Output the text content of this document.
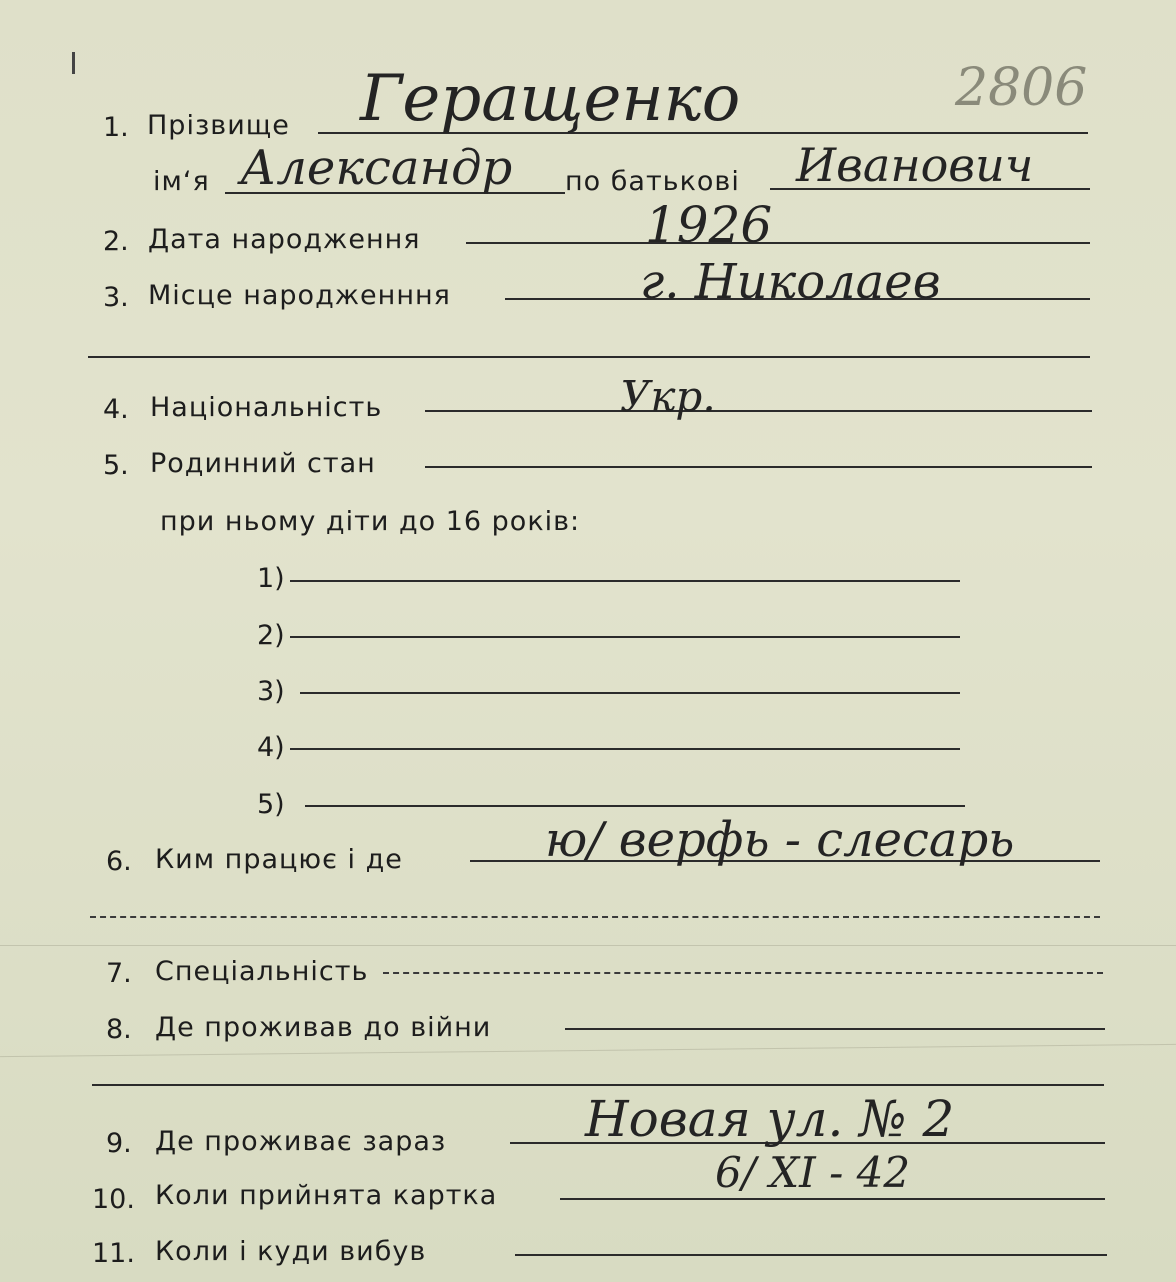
2806
1. Прізвище Геращенко
ім‘я Александр по батькові Иванович
2. Дата народження	1926
3. Місце народженння	г. Николаев
4. Національність	Укр.
5. Родинний стан
при ньому діти до 16 років:
1)
2)
3)
4)
5)
6. Ким працює і де	ю/ верфь - слесарь
7. Спеціальність
8. Де проживав до війни
9. Де проживає зараз	Новая ул. № 2
10. Коли прийнята картка	6/ XI - 42
11. Коли і куди вибув
